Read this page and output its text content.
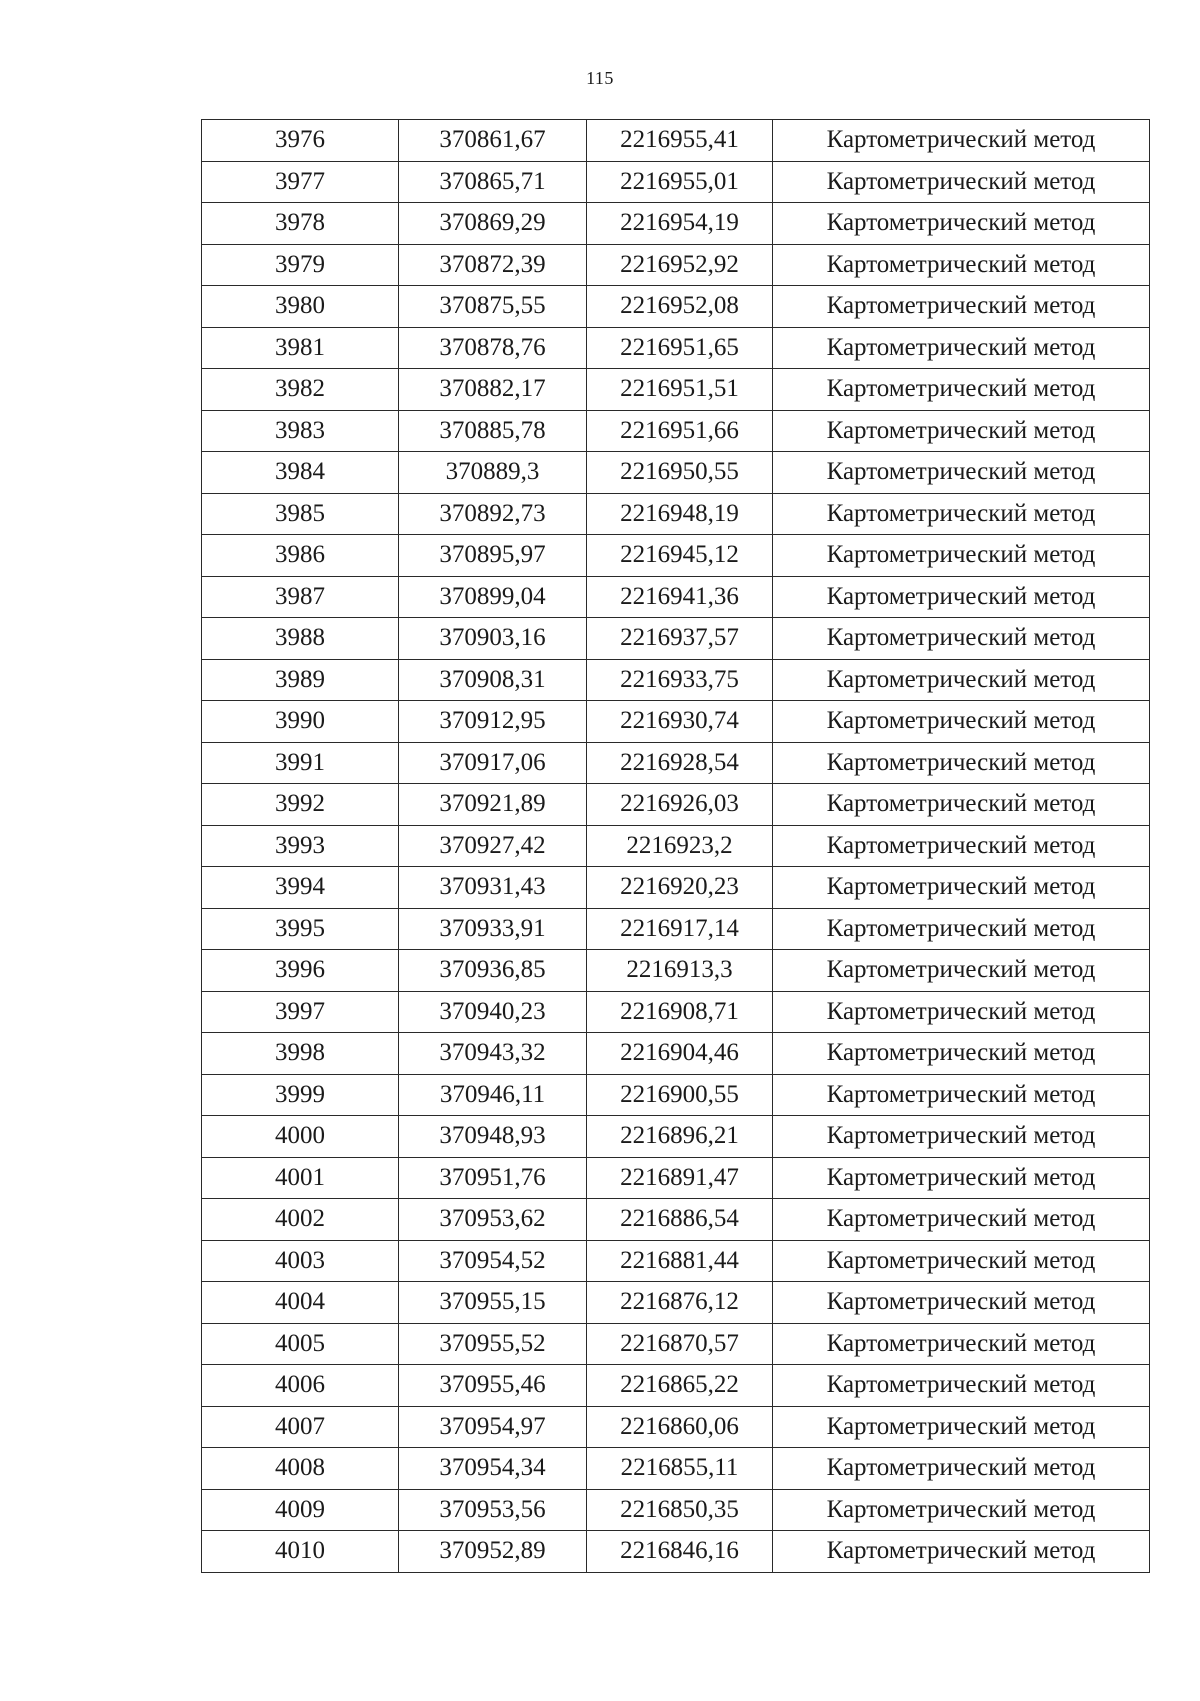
115
3976	370861,67	2216955,41	Картометрический метод
3977	370865,71	2216955,01	Картометрический метод
3978	370869,29	2216954,19	Картометрический метод
3979	370872,39	2216952,92	Картометрический метод
3980	370875,55	2216952,08	Картометрический метод
3981	370878,76	2216951,65	Картометрический метод
3982	370882,17	2216951,51	Картометрический метод
3983	370885,78	2216951,66	Картометрический метод
3984	370889,3	2216950,55	Картометрический метод
3985	370892,73	2216948,19	Картометрический метод
3986	370895,97	2216945,12	Картометрический метод
3987	370899,04	2216941,36	Картометрический метод
3988	370903,16	2216937,57	Картометрический метод
3989	370908,31	2216933,75	Картометрический метод
3990	370912,95	2216930,74	Картометрический метод
3991	370917,06	2216928,54	Картометрический метод
3992	370921,89	2216926,03	Картометрический метод
3993	370927,42	2216923,2	Картометрический метод
3994	370931,43	2216920,23	Картометрический метод
3995	370933,91	2216917,14	Картометрический метод
3996	370936,85	2216913,3	Картометрический метод
3997	370940,23	2216908,71	Картометрический метод
3998	370943,32	2216904,46	Картометрический метод
3999	370946,11	2216900,55	Картометрический метод
4000	370948,93	2216896,21	Картометрический метод
4001	370951,76	2216891,47	Картометрический метод
4002	370953,62	2216886,54	Картометрический метод
4003	370954,52	2216881,44	Картометрический метод
4004	370955,15	2216876,12	Картометрический метод
4005	370955,52	2216870,57	Картометрический метод
4006	370955,46	2216865,22	Картометрический метод
4007	370954,97	2216860,06	Картометрический метод
4008	370954,34	2216855,11	Картометрический метод
4009	370953,56	2216850,35	Картометрический метод
4010	370952,89	2216846,16	Картометрический метод
